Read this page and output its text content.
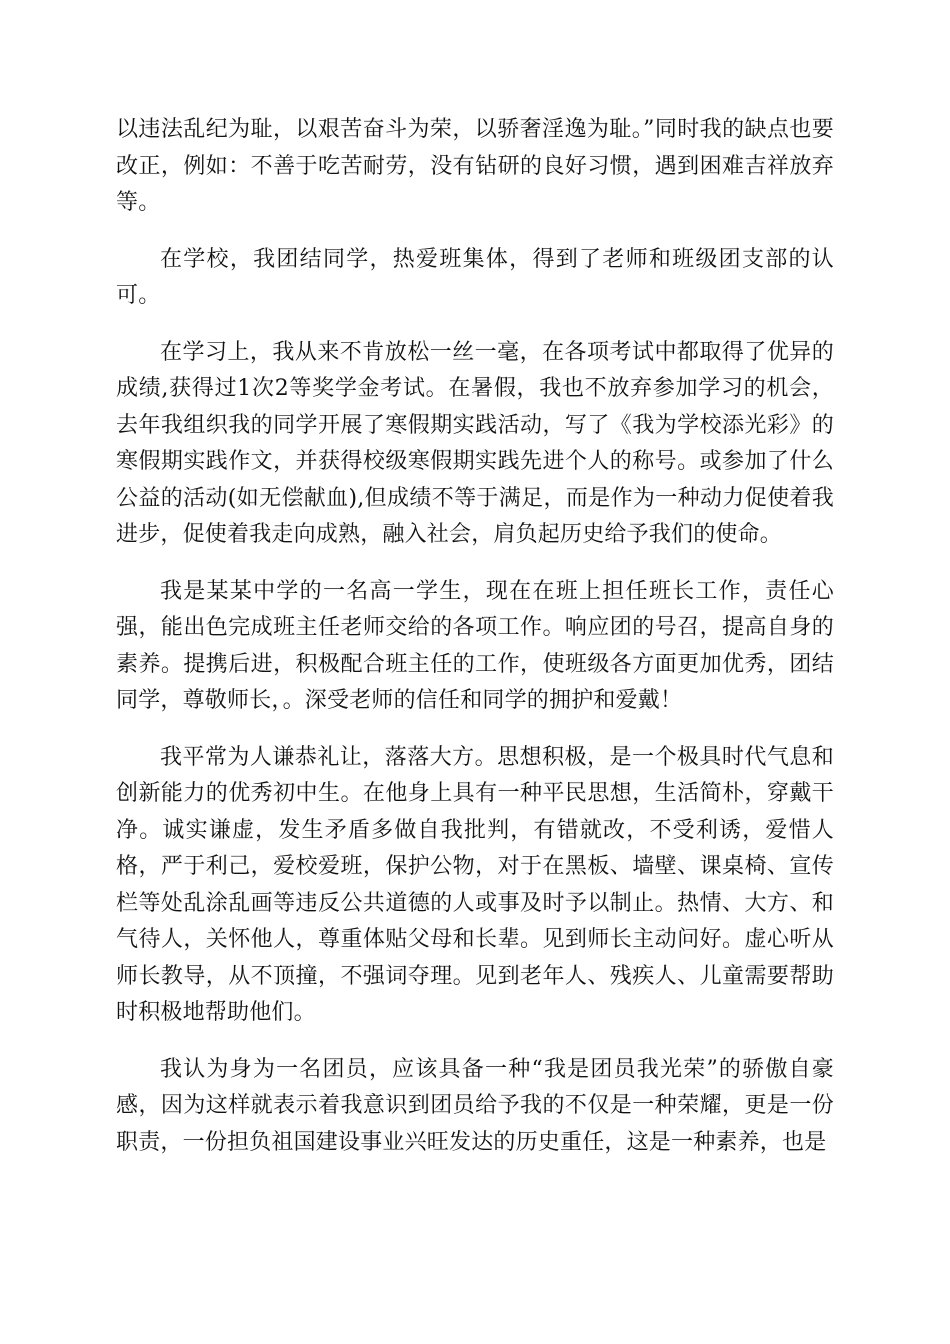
以违法乱纪为耻，以艰苦奋斗为荣，以骄奢淫逸为耻。”同时我的缺点也要改正，例如：不善于吃苦耐劳，没有钻研的良好习惯，遇到困难吉祥放弃等。

在学校，我团结同学，热爱班集体，得到了老师和班级团支部的认可。

在学习上，我从来不肯放松一丝一毫，在各项考试中都取得了优异的成绩,获得过1次2等奖学金考试。在暑假，我也不放弃参加学习的机会，去年我组织我的同学开展了寒假期实践活动，写了《我为学校添光彩》的寒假期实践作文，并获得校级寒假期实践先进个人的称号。或参加了什么公益的活动(如无偿献血),但成绩不等于满足，而是作为一种动力促使着我进步，促使着我走向成熟，融入社会，肩负起历史给予我们的使命。

我是某某中学的一名高一学生，现在在班上担任班长工作，责任心强，能出色完成班主任老师交给的各项工作。响应团的号召，提高自身的素养。提携后进，积极配合班主任的工作，使班级各方面更加优秀，团结同学，尊敬师长，。深受老师的信任和同学的拥护和爱戴！

我平常为人谦恭礼让，落落大方。思想积极，是一个极具时代气息和创新能力的优秀初中生。在他身上具有一种平民思想，生活简朴，穿戴干净。诚实谦虚，发生矛盾多做自我批判，有错就改，不受利诱，爱惜人格，严于利己，爱校爱班，保护公物，对于在黑板、墙壁、课桌椅、宣传栏等处乱涂乱画等违反公共道德的人或事及时予以制止。热情、大方、和气待人，关怀他人，尊重体贴父母和长辈。见到师长主动问好。虚心听从师长教导，从不顶撞，不强词夺理。见到老年人、残疾人、儿童需要帮助时积极地帮助他们。

我认为身为一名团员，应该具备一种“我是团员我光荣”的骄傲自豪感，因为这样就表示着我意识到团员给予我的不仅是一种荣耀，更是一份职责，一份担负祖国建设事业兴旺发达的历史重任，这是一种素养，也是
